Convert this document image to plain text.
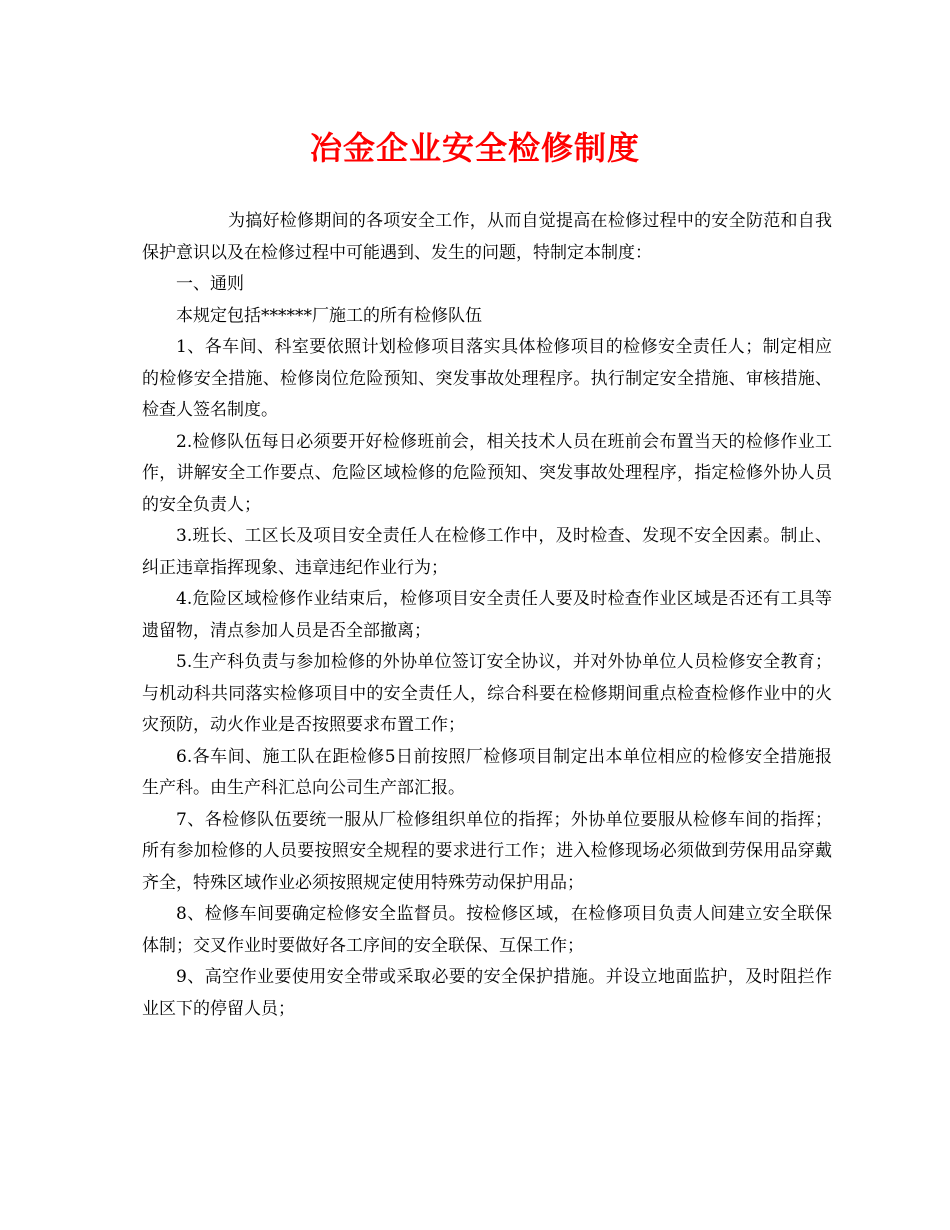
冶金企业安全检修制度

为搞好检修期间的各项安全工作，从而自觉提高在检修过程中的安全防范和自我保护意识以及在检修过程中可能遇到、发生的问题，特制定本制度：

一、通则

本规定包括******厂施工的所有检修队伍

1、各车间、科室要依照计划检修项目落实具体检修项目的检修安全责任人；制定相应的检修安全措施、检修岗位危险预知、突发事故处理程序。执行制定安全措施、审核措施、检查人签名制度。

2.检修队伍每日必须要开好检修班前会，相关技术人员在班前会布置当天的检修作业工作，讲解安全工作要点、危险区域检修的危险预知、突发事故处理程序，指定检修外协人员的安全负责人；

3.班长、工区长及项目安全责任人在检修工作中，及时检查、发现不安全因素。制止、纠正违章指挥现象、违章违纪作业行为；

4.危险区域检修作业结束后，检修项目安全责任人要及时检查作业区域是否还有工具等遗留物，清点参加人员是否全部撤离；

5.生产科负责与参加检修的外协单位签订安全协议，并对外协单位人员检修安全教育；与机动科共同落实检修项目中的安全责任人，综合科要在检修期间重点检查检修作业中的火灾预防，动火作业是否按照要求布置工作；

6.各车间、施工队在距检修5日前按照厂检修项目制定出本单位相应的检修安全措施报生产科。由生产科汇总向公司生产部汇报。

7、各检修队伍要统一服从厂检修组织单位的指挥；外协单位要服从检修车间的指挥；所有参加检修的人员要按照安全规程的要求进行工作；进入检修现场必须做到劳保用品穿戴齐全，特殊区域作业必须按照规定使用特殊劳动保护用品；

8、检修车间要确定检修安全监督员。按检修区域，在检修项目负责人间建立安全联保体制；交叉作业时要做好各工序间的安全联保、互保工作；

9、高空作业要使用安全带或采取必要的安全保护措施。并设立地面监护，及时阻拦作业区下的停留人员；
